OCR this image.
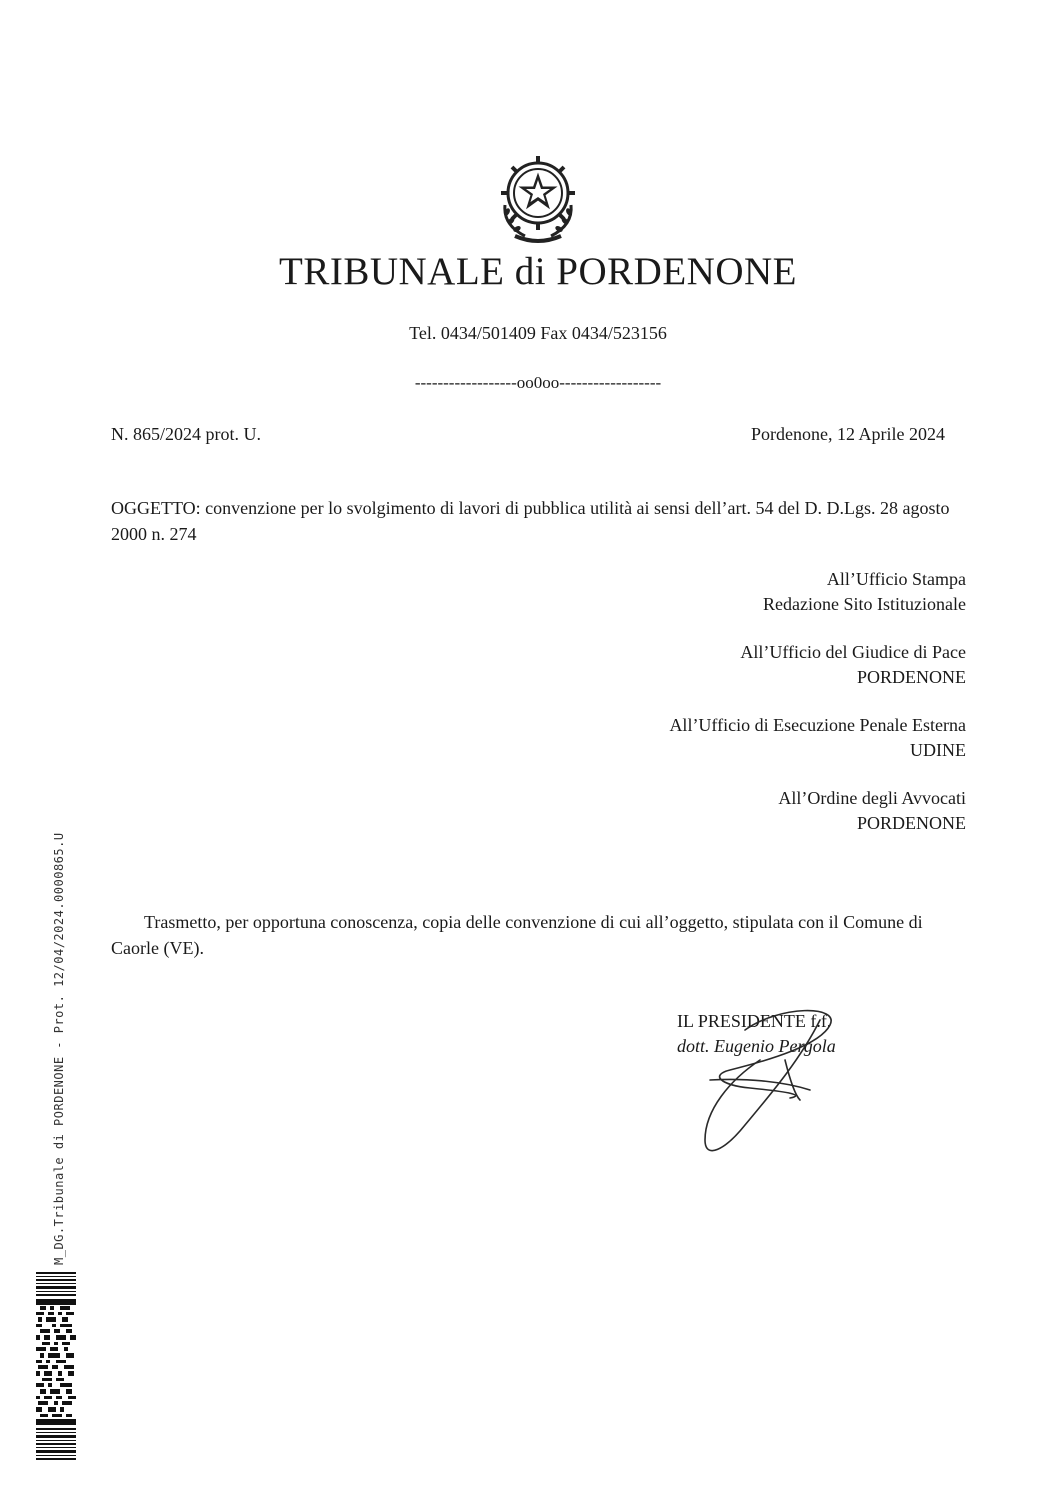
TRIBUNALE di PORDENONE
Tel. 0434/501409 Fax 0434/523156
------------------oo0oo------------------
N. 865/2024 prot. U.	Pordenone, 12 Aprile 2024
OGGETTO: convenzione per lo svolgimento di lavori di pubblica utilità ai sensi dell’art. 54 del D. D.Lgs. 28 agosto 2000 n. 274
All’Ufficio Stampa
Redazione Sito Istituzionale
All’Ufficio del Giudice di Pace
PORDENONE
All’Ufficio di Esecuzione Penale Esterna
UDINE
All’Ordine degli Avvocati
PORDENONE
Trasmetto, per opportuna conoscenza, copia delle convenzione di cui all’oggetto, stipulata con il Comune di Caorle (VE).
IL PRESIDENTE f.f.
dott. Eugenio Pergola
M_DG.Tribunale di PORDENONE - Prot. 12/04/2024.0000865.U
